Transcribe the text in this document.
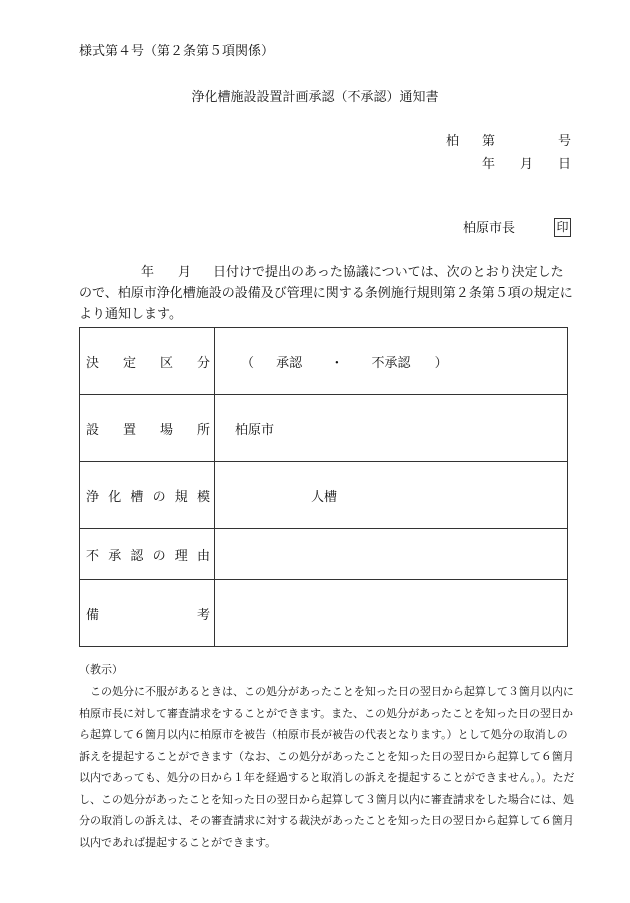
様式第４号（第２条第５項関係）
浄化槽施設設置計画承認（不承認）通知書
柏 第	号
年 月 日
柏原市長	印
年 月 日付けで提出のあった協議については、次のとおり決定したので、柏原市浄化槽施設の設備及び管理に関する条例施行規則第２条第５項の規定により通知します。
決定区分	（ 承認 ・ 不承認 ）

設置場所	柏原市

浄化槽の規模	人槽

不承認の理由	

備考	

（教示）
この処分に不服があるときは、この処分があったことを知った日の翌日から起算して３箇月以内に柏原市長に対して審査請求をすることができます。また、この処分があったことを知った日の翌日から起算して６箇月以内に柏原市を被告（柏原市長が被告の代表となります。）として処分の取消しの訴えを提起することができます（なお、この処分があったことを知った日の翌日から起算して６箇月以内であっても、処分の日から１年を経過すると取消しの訴えを提起することができません。）。ただし、この処分があったことを知った日の翌日から起算して３箇月以内に審査請求をした場合には、処分の取消しの訴えは、その審査請求に対する裁決があったことを知った日の翌日から起算して６箇月以内であれば提起することができます。
